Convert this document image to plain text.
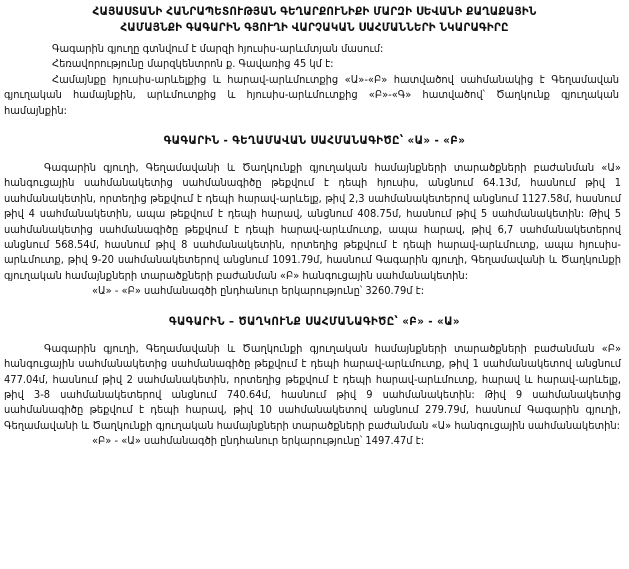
ՀԱՅԱՍՏԱՆԻ ՀԱՆՐԱՊԵՏՈՒԹՅԱՆ ԳԵՂԱՐՔՈՒՆԻՔԻ ՄԱՐԶԻ ՍԵՎԱՆԻ ՔԱՂԱՔԱՅԻՆ
ՀԱՄԱՅՆՔԻ ԳԱԳԱՐԻՆ ԳՅՈՒՂԻ ՎԱՐՉԱԿԱՆ ՍԱՀՄԱՆՆԵՐԻ ՆԿԱՐԱԳԻՐԸ

Գագարին գյուղը գտնվում է մարզի հյուսիս-արևմտյան մասում:

Հեռավորությունը մարզկենտրոն ք. Գավառից 45 կմ է:

Համայնքը հյուսիս-արևելքից և հարավ-արևմուտքից «Ա»-«Բ» հատվածով սահմանակից է Գեղամավան գյուղական համայնքին, արևմուտքից և հյուսիս-արևմուտքից «Բ»-«Գ» հատվածով՝ Ծաղկունք գյուղական համայնքին:

ԳԱԳԱՐԻՆ - ԳԵՂԱՄԱՎԱՆ ՍԱՀՄԱՆԱԳԻԾԸ՝ «Ա» - «Բ»

Գագարին գյուղի, Գեղամավանի և Ծաղկունքի գյուղական համայնքների տարածքների բաժանման «Ա» հանգուցային սահմանակետից սահմանագիծը թեքվում է դեպի հյուսիս, անցնում 64.13մ, հասնում թիվ 1 սահմանակետին, որտեղից թեքվում է դեպի հարավ-արևելք, թիվ 2,3 սահմանակետերով անցնում 1127.58մ, հասնում թիվ 4 սահմանակետին, ապա թեքվում է դեպի հարավ, անցնում 408.75մ, հասնում թիվ 5 սահմանակետին: Թիվ 5 սահմանակետից սահմանագիծը թեքվում է դեպի հարավ-արևմուտք, ապա հարավ, թիվ 6,7 սահմանակետերով անցնում 568.54մ, հասնում թիվ 8 սահմանակետին, որտեղից թեքվում է դեպի հարավ-արևմուտք, ապա հյուսիս-արևմուտք, թիվ 9-20 սահմանակետերով անցնում 1091.79մ, հասնում Գագարին գյուղի, Գեղամավանի և Ծաղկունքի գյուղական համայնքների տարածքների բաժանման «Բ» հանգուցային սահմանակետին:

«Ա» - «Բ» սահմանագծի ընդհանուր երկարությունը՝ 3260.79մ է:

ԳԱԳԱՐԻՆ – ԾԱՂԿՈՒՆՔ ՍԱՀՄԱՆԱԳԻԾԸ՝ «Բ» - «Ա»

Գագարին գյուղի, Գեղամավանի և Ծաղկունքի գյուղական համայնքների տարածքների բաժանման «Բ» հանգուցային սահմանակետից սահմանագիծը թեքվում է դեպի հարավ-արևմուտք, թիվ 1 սահմանակետով անցնում 477.04մ, հասնում թիվ 2 սահմանակետին, որտեղից թեքվում է դեպի հարավ-արևմուտք, հարավ և հարավ-արևելք, թիվ 3-8 սահմանակետերով անցնում 740.64մ, հասնում թիվ 9 սահմանակետին: Թիվ 9 սահմանակետից սահմանագիծը թեքվում է դեպի հարավ, թիվ 10 սահմանակետով անցնում 279.79մ, հասնում Գագարին գյուղի, Գեղամավանի և Ծաղկունքի գյուղական համայնքների տարածքների բաժանման «Ա» հանգուցային սահմանակետին:

«Բ» - «Ա» սահմանագծի ընդհանուր երկարությունը՝ 1497.47մ է:
